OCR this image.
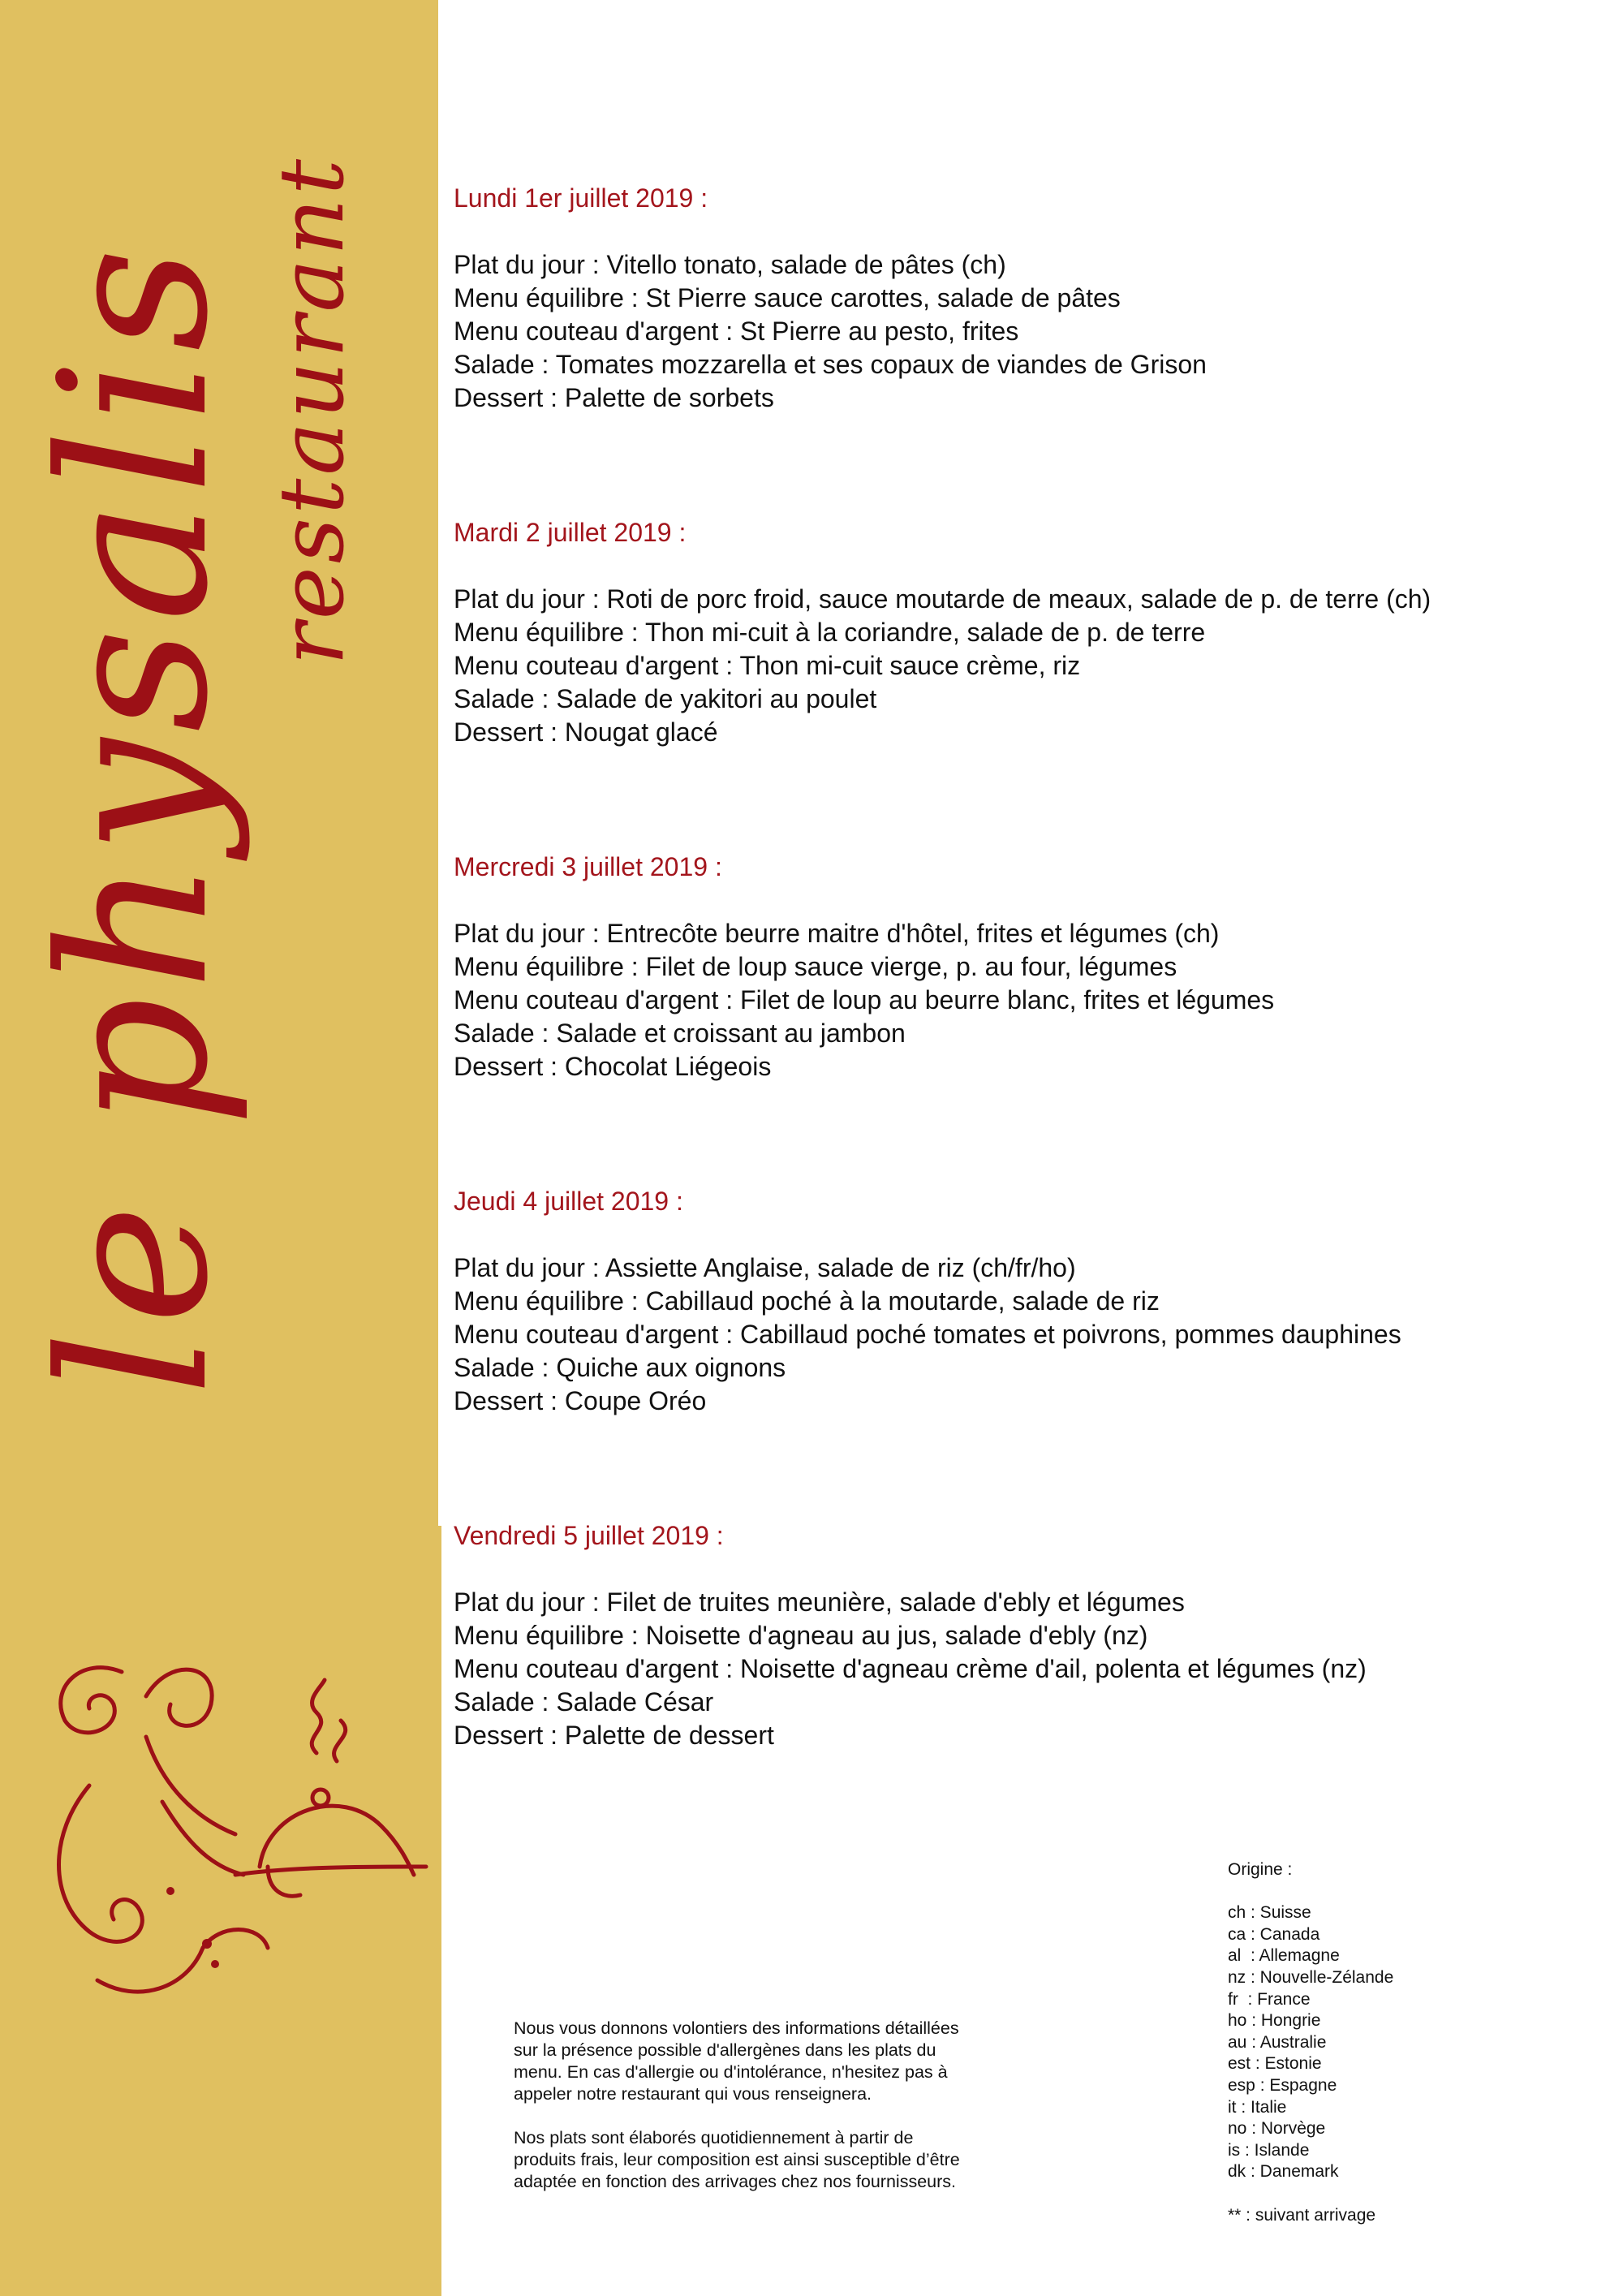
le physalis restaurant	Lundi 1er juillet 2019 :
Plat du jour : Vitello tonato, salade de pâtes (ch)
Menu équilibre : St Pierre sauce carottes, salade de pâtes
Menu couteau d'argent : St Pierre au pesto, frites
Salade : Tomates mozzarella et ses copaux de viandes de Grison
Dessert : Palette de sorbets
Mardi 2 juillet 2019 :
Plat du jour : Roti de porc froid, sauce moutarde de meaux, salade de p. de terre (ch)
Menu équilibre : Thon mi-cuit à la coriandre, salade de p. de terre
Menu couteau d'argent : Thon mi-cuit sauce crème, riz
Salade : Salade de yakitori au poulet
Dessert : Nougat glacé
Mercredi 3 juillet 2019 :
Plat du jour : Entrecôte beurre maitre d'hôtel, frites et légumes (ch)
Menu équilibre : Filet de loup sauce vierge, p. au four, légumes
Menu couteau d'argent : Filet de loup au beurre blanc, frites et légumes
Salade : Salade et croissant au jambon
Dessert : Chocolat Liégeois
Jeudi 4 juillet 2019 :
Plat du jour : Assiette Anglaise, salade de riz (ch/fr/ho)
Menu équilibre : Cabillaud poché à la moutarde, salade de riz
Menu couteau d'argent : Cabillaud poché tomates et poivrons, pommes dauphines
Salade : Quiche aux oignons
Dessert : Coupe Oréo
Vendredi 5 juillet 2019 :
Plat du jour : Filet de truites meunière, salade d'ebly et légumes
Menu équilibre : Noisette d'agneau au jus, salade d'ebly (nz)
Menu couteau d'argent : Noisette d'agneau crème d'ail, polenta et légumes (nz)
Salade : Salade César
Dessert : Palette de dessert

Nous vous donnons volontiers des informations détaillées
sur la présence possible d'allergènes dans les plats du
menu. En cas d'allergie ou d'intolérance, n'hesitez pas à
appeler notre restaurant qui vous renseignera.

Nos plats sont élaborés quotidiennement à partir de
produits frais, leur composition est ainsi susceptible d’être
adaptée en fonction des arrivages chez nos fournisseurs.

Origine :
ch : Suisse
ca : Canada
al  : Allemagne
nz : Nouvelle-Zélande
fr  : France
ho : Hongrie
au : Australie
est : Estonie
esp : Espagne
it : Italie
no : Norvège
is : Islande
dk : Danemark
** : suivant arrivage
